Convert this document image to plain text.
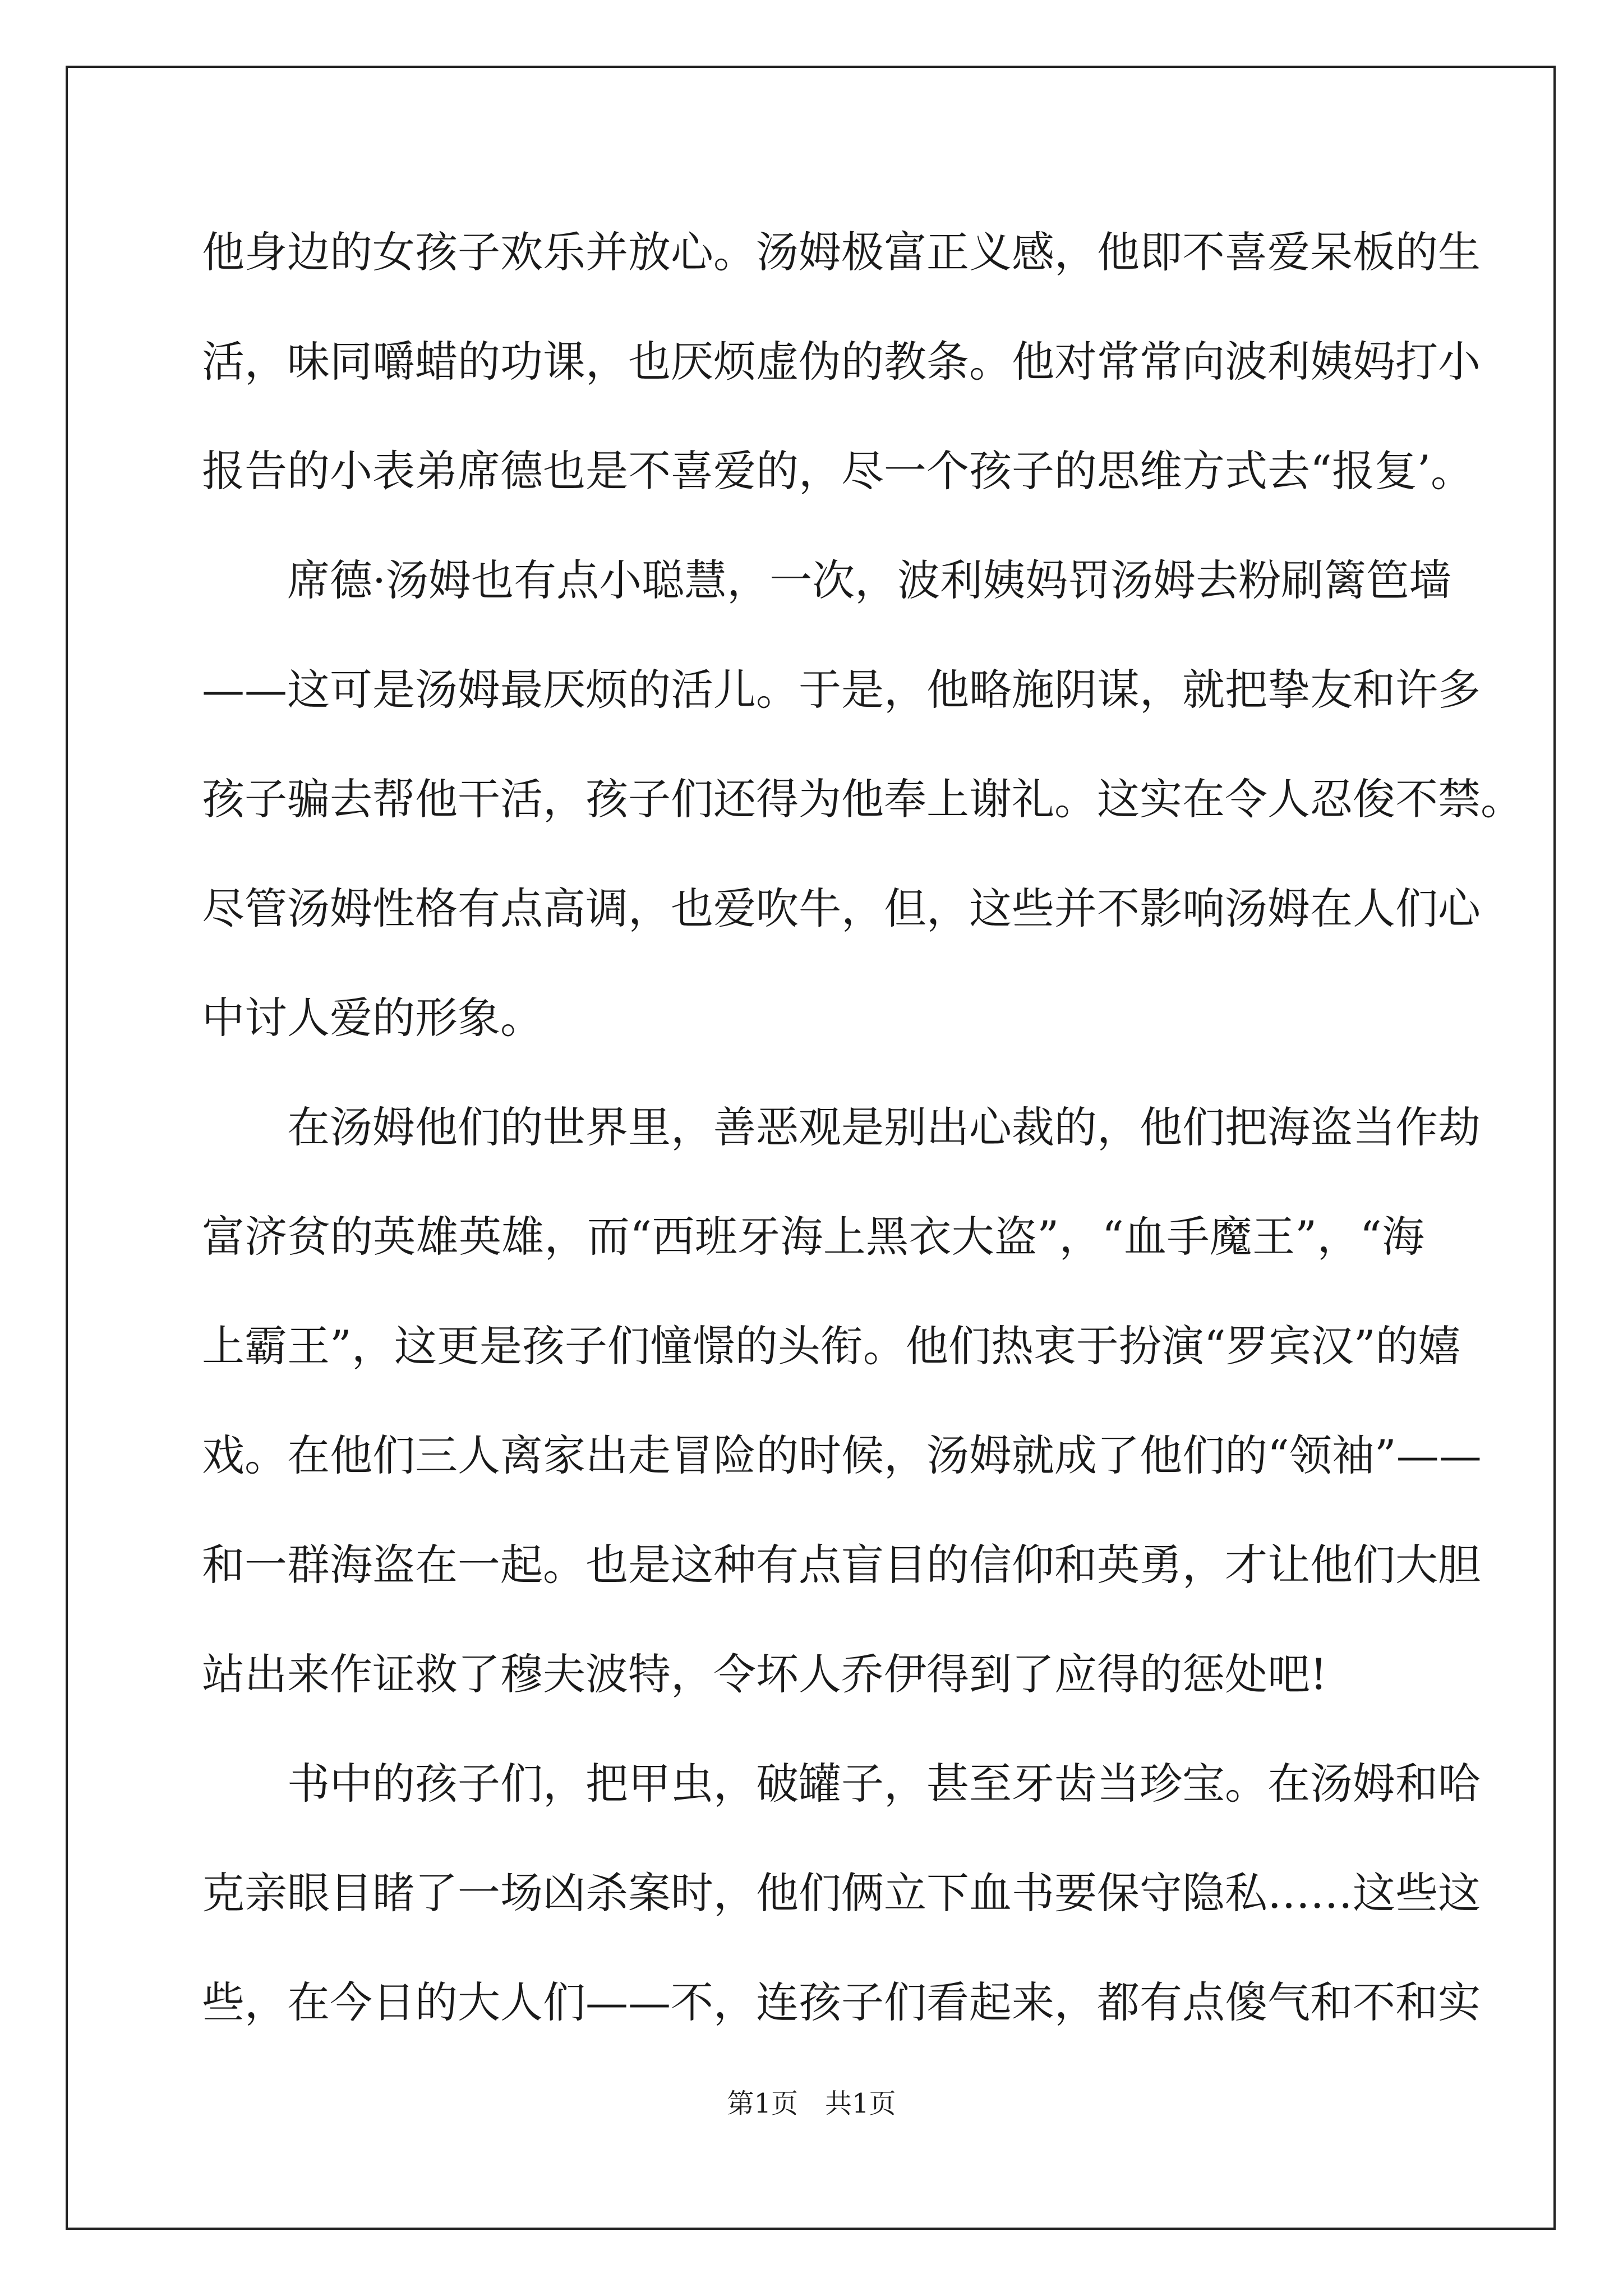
他身边的女孩子欢乐并放心。汤姆极富正义感，他即不喜爱呆板的生
活，味同嚼蜡的功课，也厌烦虚伪的教条。他对常常向波利姨妈打小
报告的小表弟席德也是不喜爱的，尽一个孩子的思维方式去“报复’。
　　席德·汤姆也有点小聪慧，一次，波利姨妈罚汤姆去粉刷篱笆墙
——这可是汤姆最厌烦的活儿。于是，他略施阴谋，就把挚友和许多
孩子骗去帮他干活，孩子们还得为他奉上谢礼。这实在令人忍俊不禁。
尽管汤姆性格有点高调，也爱吹牛，但，这些并不影响汤姆在人们心
中讨人爱的形象。
　　在汤姆他们的世界里，善恶观是别出心裁的，他们把海盗当作劫
富济贫的英雄英雄，而“西班牙海上黑衣大盗”，“血手魔王”，“海
上霸王”，这更是孩子们憧憬的头衔。他们热衷于扮演“罗宾汉”的嬉
戏。在他们三人离家出走冒险的时候，汤姆就成了他们的“领袖”——
和一群海盗在一起。也是这种有点盲目的信仰和英勇，才让他们大胆
站出来作证救了穆夫波特，令坏人乔伊得到了应得的惩处吧!
　　书中的孩子们，把甲虫，破罐子，甚至牙齿当珍宝。在汤姆和哈
克亲眼目睹了一场凶杀案时，他们俩立下血书要保守隐私……这些这
些，在今日的大人们——不，连孩子们看起来，都有点傻气和不和实
第1页 共1页
